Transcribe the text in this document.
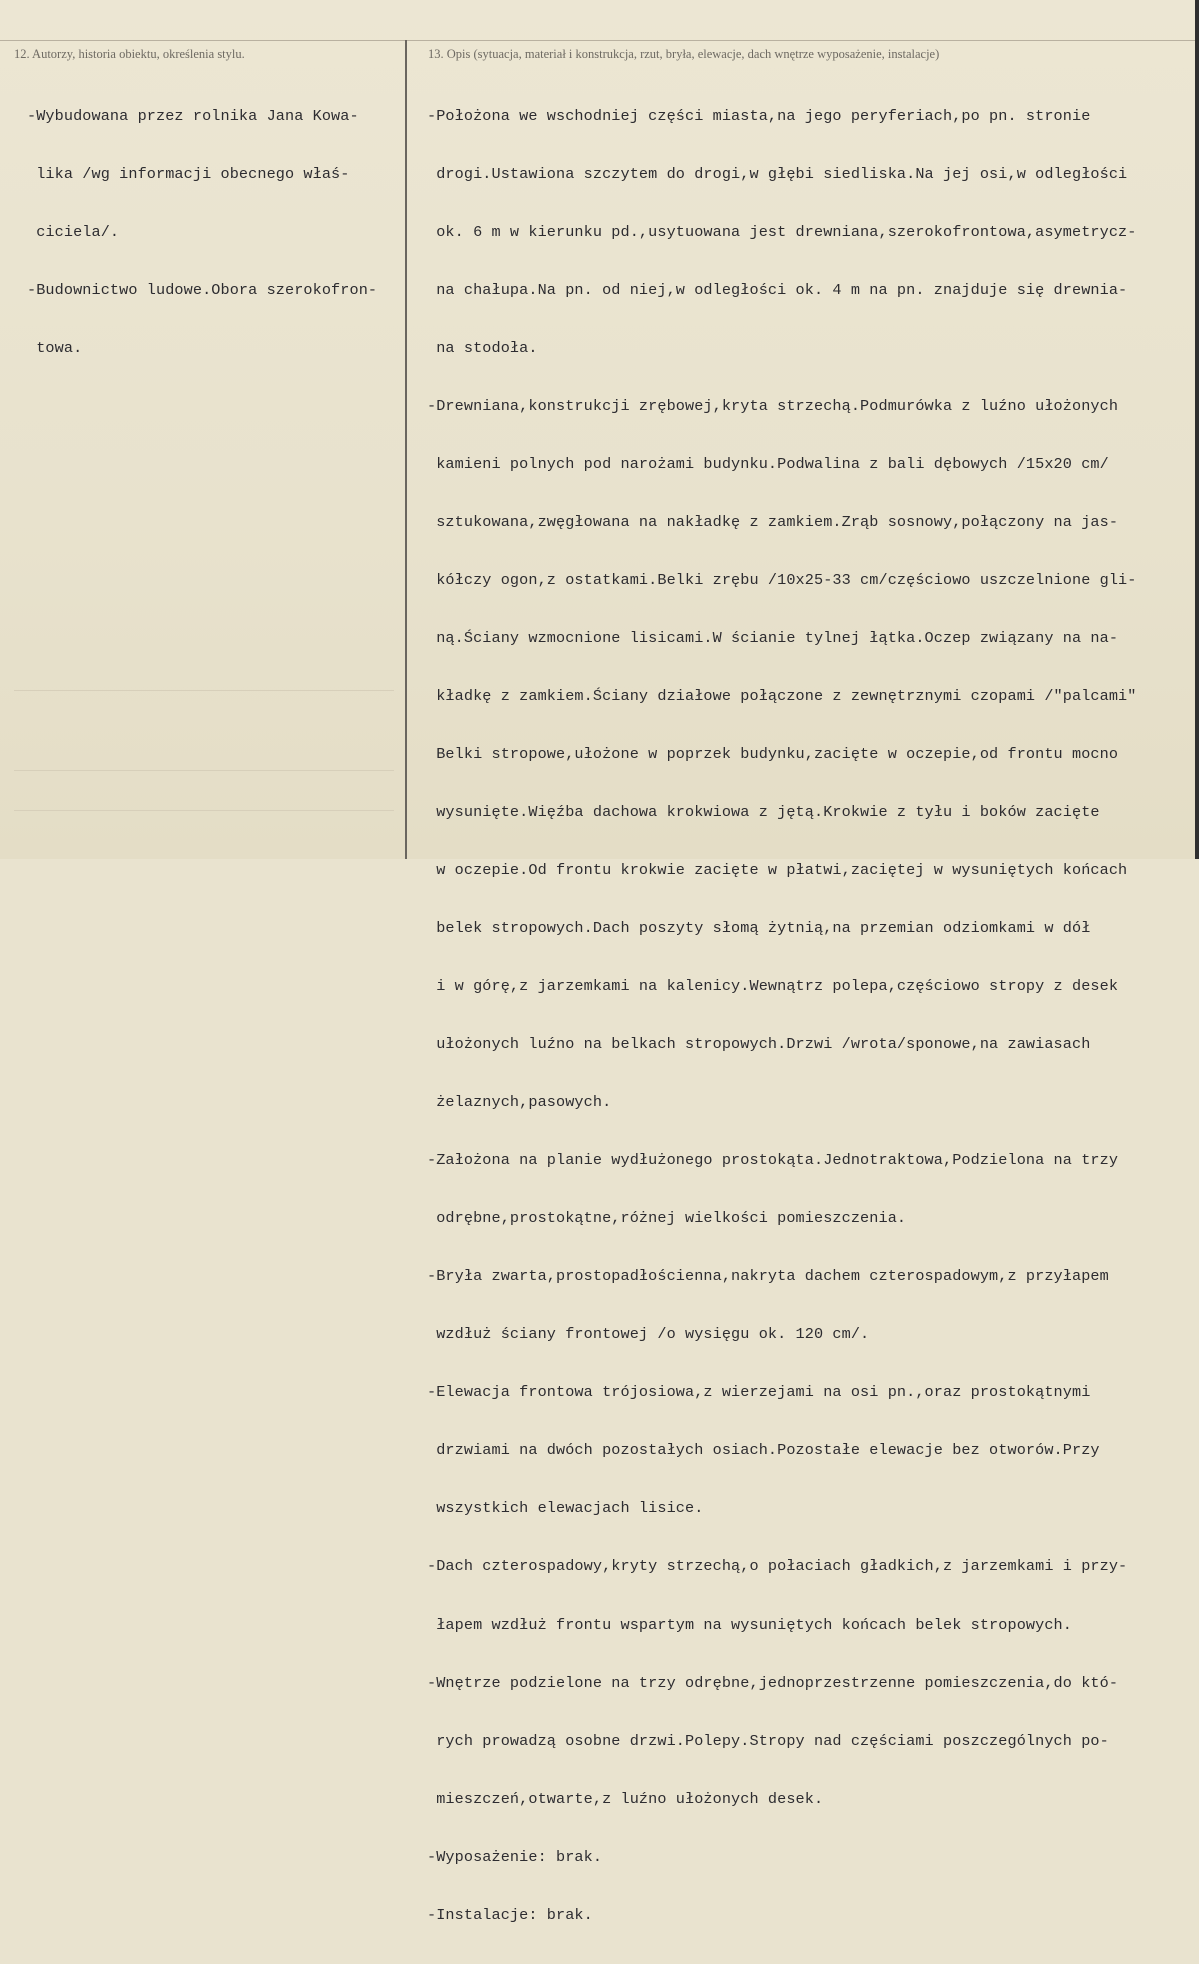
12. Autorzy, historia obiektu, określenia stylu.	13. Opis (sytuacja, materiał i konstrukcja, rzut, bryła, elewacje, dach wnętrze wyposażenie, instalacje)

-Wybudowana przez rolnika Jana Kowa-

lika /wg informacji obecnego właś-

ciciela/.

-Budownictwo ludowe.Obora szerokofron-

towa.

-Położona we wschodniej części miasta,na jego peryferiach,po pn. stronie

drogi.Ustawiona szczytem do drogi,w głębi siedliska.Na jej osi,w odległości

ok. 6 m w kierunku pd.,usytuowana jest drewniana,szerokofrontowa,asymetrycz-

na chałupa.Na pn. od niej,w odległości ok. 4 m na pn. znajduje się drewnia-

na stodoła.

-Drewniana,konstrukcji zrębowej,kryta strzechą.Podmurówka z luźno ułożonych

kamieni polnych pod narożami budynku.Podwalina z bali dębowych /15x20 cm/

sztukowana,zwęgłowana na nakładkę z zamkiem.Zrąb sosnowy,połączony na jas-

kółczy ogon,z ostatkami.Belki zrębu /10x25-33 cm/częściowo uszczelnione gli-

ną.Ściany wzmocnione lisicami.W ścianie tylnej łątka.Oczep związany na na-

kładkę z zamkiem.Ściany działowe połączone z zewnętrznymi czopami /"palcami"

Belki stropowe,ułożone w poprzek budynku,zacięte w oczepie,od frontu mocno

wysunięte.Więźba dachowa krokwiowa z jętą.Krokwie z tyłu i boków zacięte

w oczepie.Od frontu krokwie zacięte w płatwi,zaciętej w wysuniętych końcach

belek stropowych.Dach poszyty słomą żytnią,na przemian odziomkami w dół

i w górę,z jarzemkami na kalenicy.Wewnątrz polepa,częściowo stropy z desek

ułożonych luźno na belkach stropowych.Drzwi /wrota/sponowe,na zawiasach

żelaznych,pasowych.

-Założona na planie wydłużonego prostokąta.Jednotraktowa,Podzielona na trzy

odrębne,prostokątne,różnej wielkości pomieszczenia.

-Bryła zwarta,prostopadłościenna,nakryta dachem czterospadowym,z przyłapem

wzdłuż ściany frontowej /o wysięgu ok. 120 cm/.

-Elewacja frontowa trójosiowa,z wierzejami na osi pn.,oraz prostokątnymi

drzwiami na dwóch pozostałych osiach.Pozostałe elewacje bez otworów.Przy

wszystkich elewacjach lisice.

-Dach czterospadowy,kryty strzechą,o połaciach gładkich,z jarzemkami i przy-

łapem wzdłuż frontu wspartym na wysuniętych końcach belek stropowych.

-Wnętrze podzielone na trzy odrębne,jednoprzestrzenne pomieszczenia,do któ-

rych prowadzą osobne drzwi.Polepy.Stropy nad częściami poszczególnych po-

mieszczeń,otwarte,z luźno ułożonych desek.

-Wyposażenie: brak.

-Instalacje: brak.
